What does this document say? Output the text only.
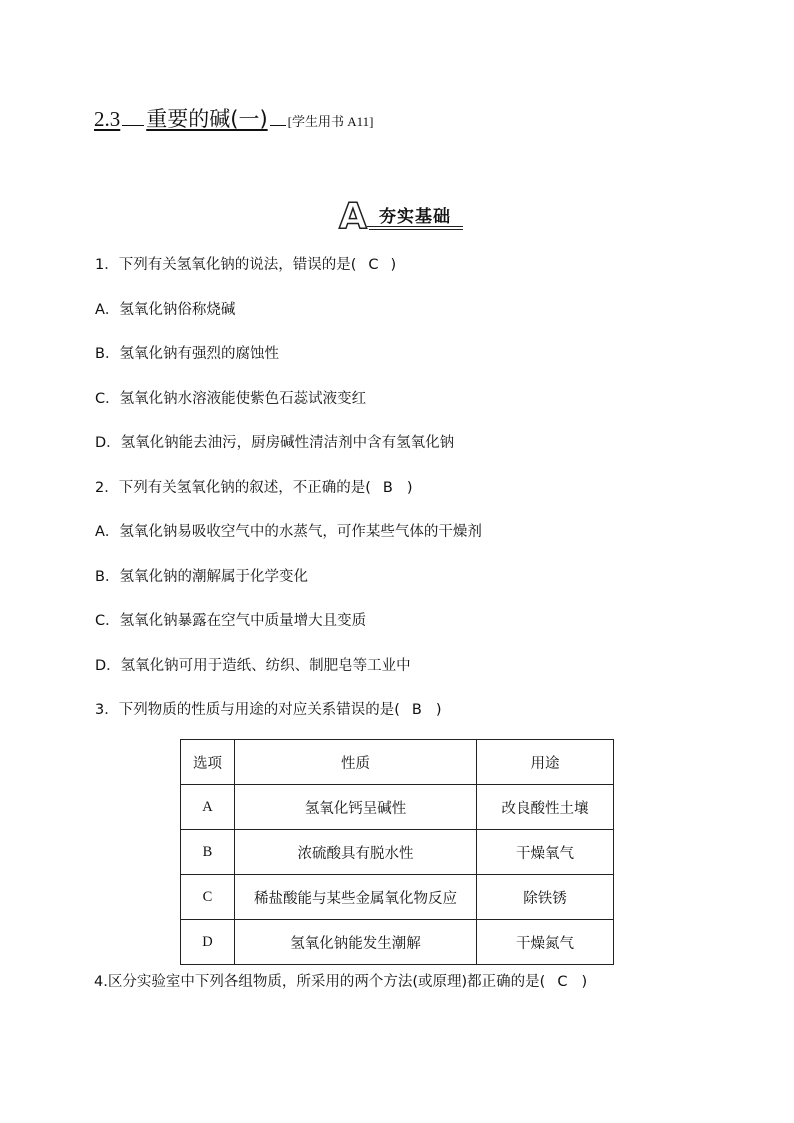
2.3 重要的碱(一) [学生用书 A11]
A 夯实基础
1．下列有关氢氧化钠的说法，错误的是( C )
A．氢氧化钠俗称烧碱
B．氢氧化钠有强烈的腐蚀性
C．氢氧化钠水溶液能使紫色石蕊试液变红
D．氢氧化钠能去油污，厨房碱性清洁剂中含有氢氧化钠
2．下列有关氢氧化钠的叙述，不正确的是( B )
A．氢氧化钠易吸收空气中的水蒸气，可作某些气体的干燥剂
B．氢氧化钠的潮解属于化学变化
C．氢氧化钠暴露在空气中质量增大且变质
D．氢氧化钠可用于造纸、纺织、制肥皂等工业中
3．下列物质的性质与用途的对应关系错误的是( B )
选项	性质	用途
A	氢氧化钙呈碱性	改良酸性土壤
B	浓硫酸具有脱水性	干燥氧气
C	稀盐酸能与某些金属氧化物反应	除铁锈
D	氢氧化钠能发生潮解	干燥氮气
4.区分实验室中下列各组物质，所采用的两个方法(或原理)都正确的是( C )
